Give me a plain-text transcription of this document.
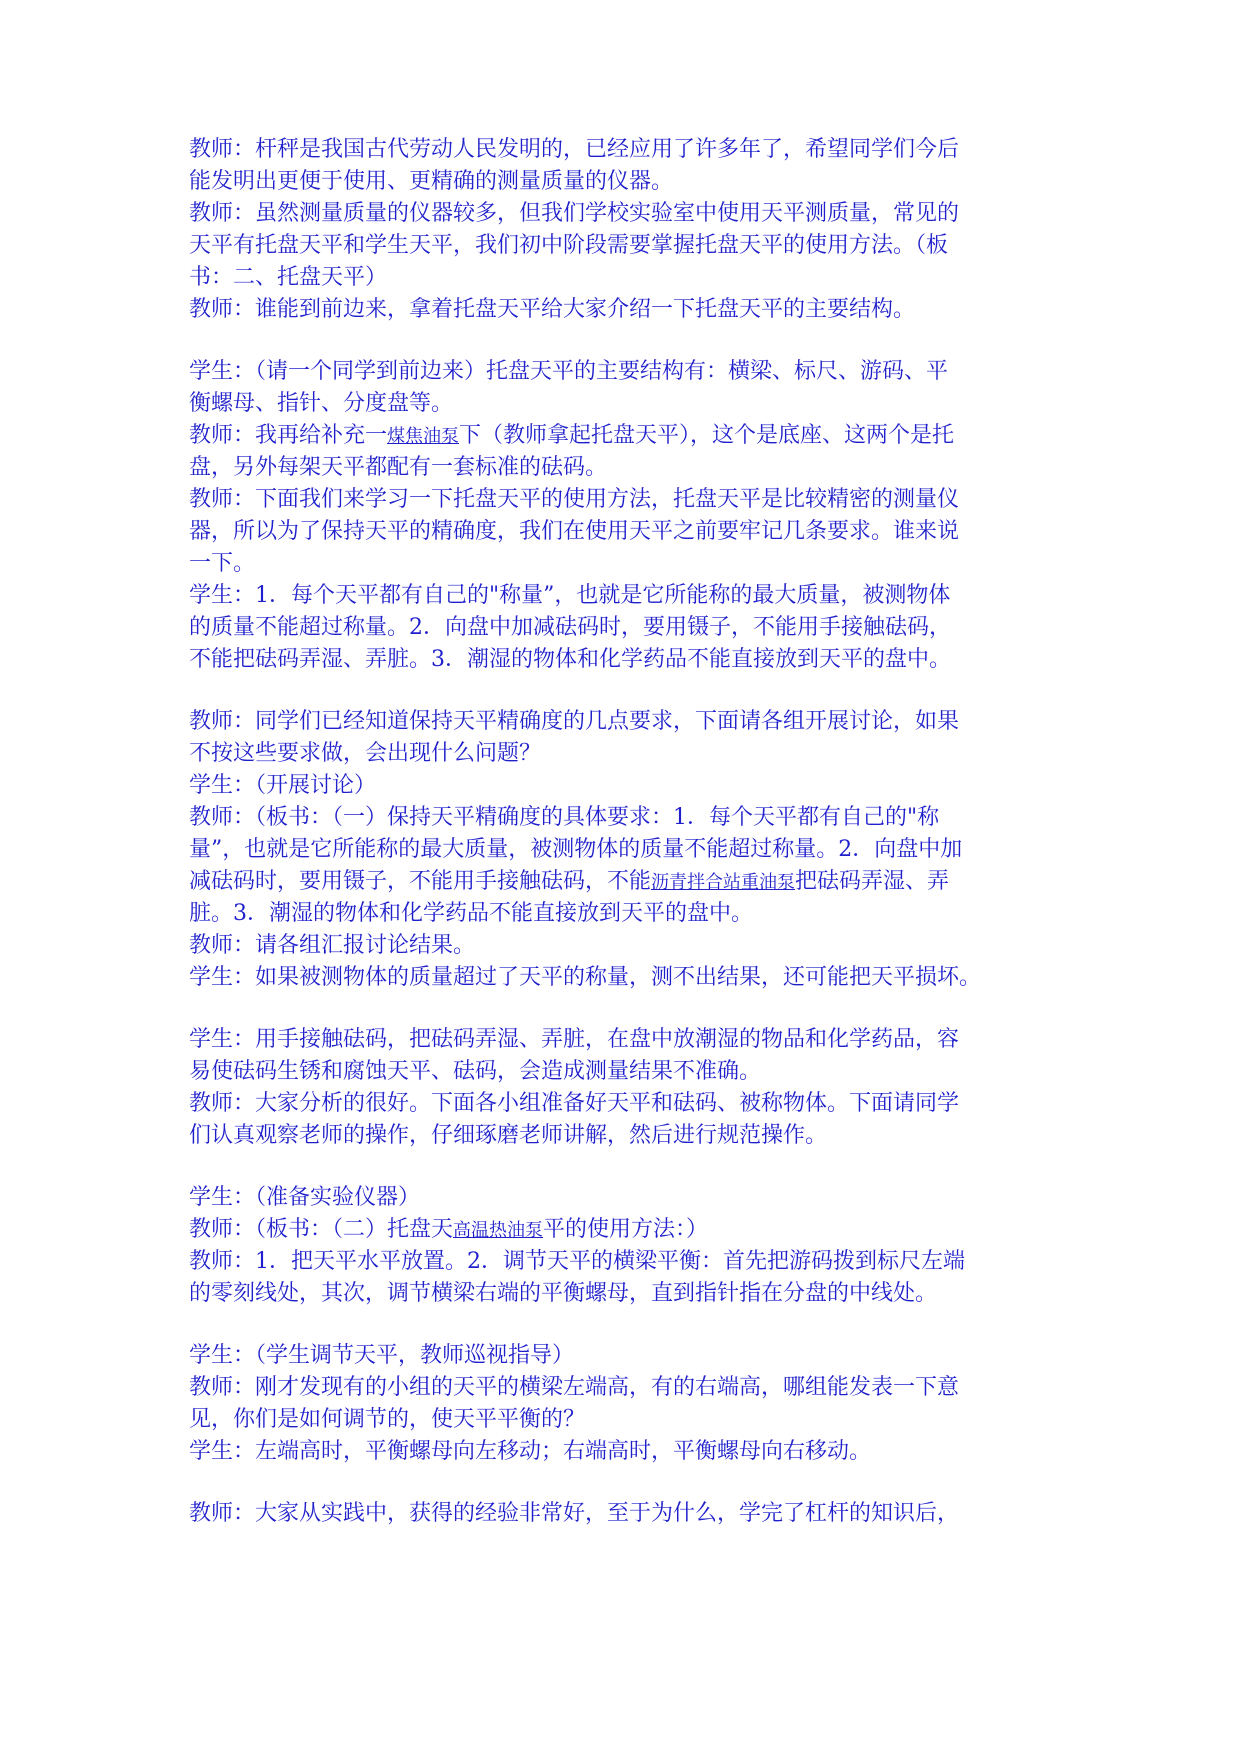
教师：杆秤是我国古代劳动人民发明的，已经应用了许多年了，希望同学们今后
能发明出更便于使用、更精确的测量质量的仪器。
教师：虽然测量质量的仪器较多，但我们学校实验室中使用天平测质量，常见的
天平有托盘天平和学生天平，我们初中阶段需要掌握托盘天平的使用方法。（板
书：二、托盘天平）
教师：谁能到前边来，拿着托盘天平给大家介绍一下托盘天平的主要结构。
学生：（请一个同学到前边来）托盘天平的主要结构有：横梁、标尺、游码、平
衡螺母、指针、分度盘等。
教师：我再给补充一煤焦油泵下（教师拿起托盘天平），这个是底座、这两个是托
盘，另外每架天平都配有一套标准的砝码。
教师：下面我们来学习一下托盘天平的使用方法，托盘天平是比较精密的测量仪
器，所以为了保持天平的精确度，我们在使用天平之前要牢记几条要求。谁来说
一下。
学生：1．每个天平都有自己的"称量”，也就是它所能称的最大质量，被测物体
的质量不能超过称量。2．向盘中加减砝码时，要用镊子，不能用手接触砝码，
不能把砝码弄湿、弄脏。3．潮湿的物体和化学药品不能直接放到天平的盘中。
教师：同学们已经知道保持天平精确度的几点要求，下面请各组开展讨论，如果
不按这些要求做，会出现什么问题？
学生：（开展讨论）
教师：（板书：（一）保持天平精确度的具体要求：1．每个天平都有自己的"称
量”，也就是它所能称的最大质量，被测物体的质量不能超过称量。2．向盘中加
减砝码时，要用镊子，不能用手接触砝码，不能沥青拌合站重油泵把砝码弄湿、弄
脏。3．潮湿的物体和化学药品不能直接放到天平的盘中。
教师：请各组汇报讨论结果。
学生：如果被测物体的质量超过了天平的称量，测不出结果，还可能把天平损坏。
学生：用手接触砝码，把砝码弄湿、弄脏，在盘中放潮湿的物品和化学药品，容
易使砝码生锈和腐蚀天平、砝码，会造成测量结果不准确。
教师：大家分析的很好。下面各小组准备好天平和砝码、被称物体。下面请同学
们认真观察老师的操作，仔细琢磨老师讲解，然后进行规范操作。
学生：（准备实验仪器）
教师：（板书：（二）托盘天高温热油泵平的使用方法：）
教师：1．把天平水平放置。2．调节天平的横梁平衡：首先把游码拨到标尺左端
的零刻线处，其次，调节横梁右端的平衡螺母，直到指针指在分盘的中线处。
学生：（学生调节天平，教师巡视指导）
教师：刚才发现有的小组的天平的横梁左端高，有的右端高，哪组能发表一下意
见，你们是如何调节的，使天平平衡的？
学生：左端高时，平衡螺母向左移动；右端高时，平衡螺母向右移动。
教师：大家从实践中，获得的经验非常好，至于为什么，学完了杠杆的知识后，
